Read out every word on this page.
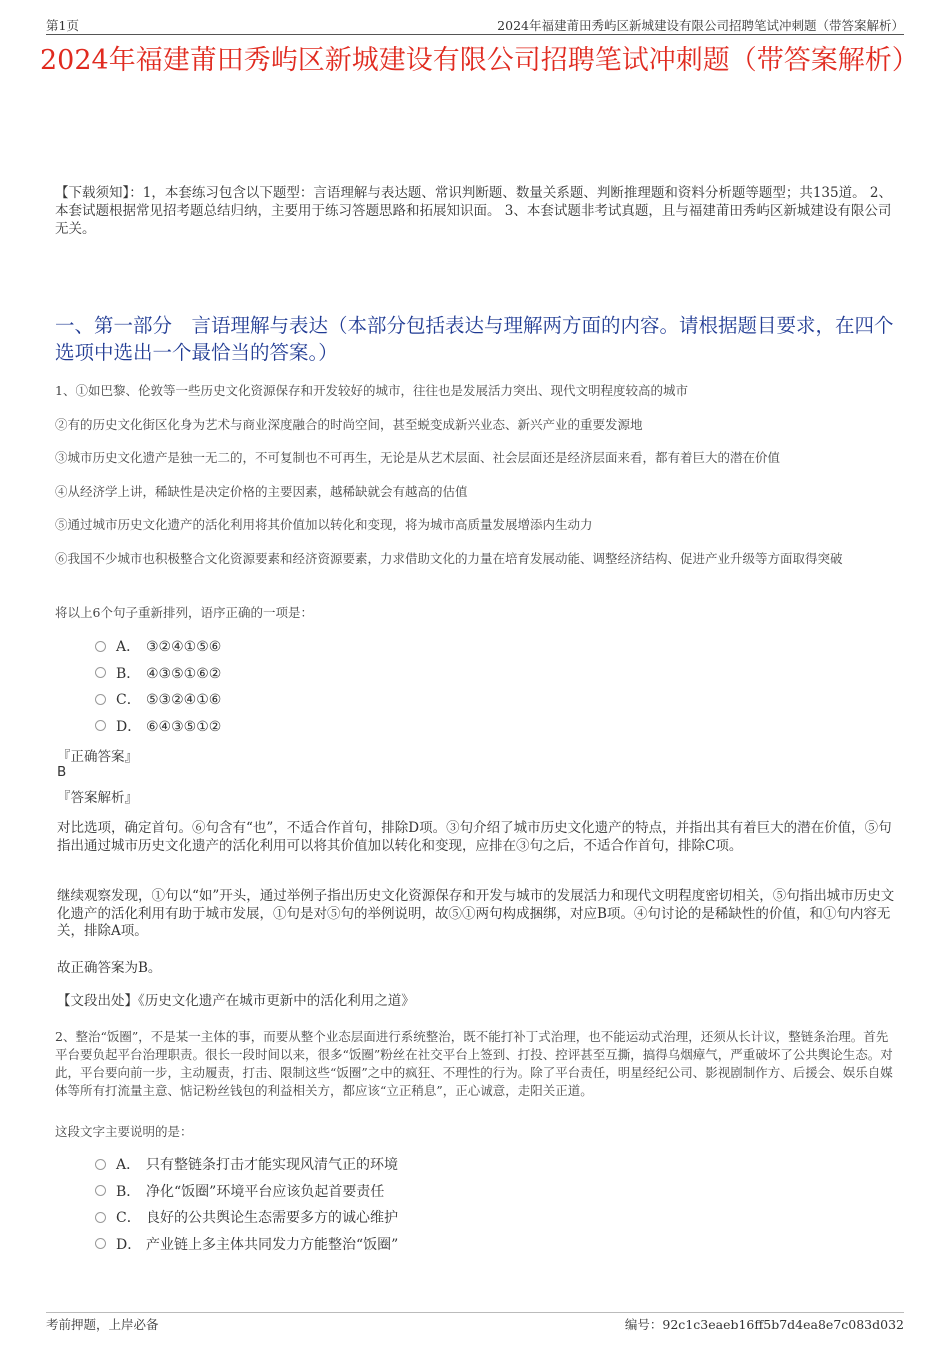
第1页	2024年福建莆田秀屿区新城建设有限公司招聘笔试冲刺题（带答案解析）
2024年福建莆田秀屿区新城建设有限公司招聘笔试冲刺题（带答案解析）
【下载须知】：1，本套练习包含以下题型：言语理解与表达题、常识判断题、数量关系题、判断推理题和资料分析题等题型；共135道。 2、本套试题根据常见招考题总结归纳，主要用于练习答题思路和拓展知识面。 3、本套试题非考试真题，且与福建莆田秀屿区新城建设有限公司无关。
一、第一部分　言语理解与表达（本部分包括表达与理解两方面的内容。请根据题目要求，在四个选项中选出一个最恰当的答案。）
1、①如巴黎、伦敦等一些历史文化资源保存和开发较好的城市，往往也是发展活力突出、现代文明程度较高的城市
②有的历史文化街区化身为艺术与商业深度融合的时尚空间，甚至蜕变成新兴业态、新兴产业的重要发源地
③城市历史文化遗产是独一无二的，不可复制也不可再生，无论是从艺术层面、社会层面还是经济层面来看，都有着巨大的潜在价值
④从经济学上讲，稀缺性是决定价格的主要因素，越稀缺就会有越高的估值
⑤通过城市历史文化遗产的活化利用将其价值加以转化和变现，将为城市高质量发展增添内生动力
⑥我国不少城市也积极整合文化资源要素和经济资源要素，力求借助文化的力量在培育发展动能、调整经济结构、促进产业升级等方面取得突破
将以上6个句子重新排列，语序正确的一项是：
A． ③②④①⑤⑥
B． ④③⑤①⑥②
C． ⑤③②④①⑥
D． ⑥④③⑤①②
『正确答案』
B
『答案解析』
对比选项，确定首句。⑥句含有“也”，不适合作首句，排除D项。③句介绍了城市历史文化遗产的特点，并指出其有着巨大的潜在价值，⑤句指出通过城市历史文化遗产的活化利用可以将其价值加以转化和变现，应排在③句之后，不适合作首句，排除C项。
继续观察发现，①句以“如”开头，通过举例子指出历史文化资源保存和开发与城市的发展活力和现代文明程度密切相关，⑤句指出城市历史文化遗产的活化利用有助于城市发展，①句是对⑤句的举例说明，故⑤①两句构成捆绑，对应B项。④句讨论的是稀缺性的价值，和①句内容无关，排除A项。
故正确答案为B。
【文段出处】《历史文化遗产在城市更新中的活化利用之道》
2、整治“饭圈”，不是某一主体的事，而要从整个业态层面进行系统整治，既不能打补丁式治理，也不能运动式治理，还须从长计议，整链条治理。首先平台要负起平台治理职责。很长一段时间以来，很多“饭圈”粉丝在社交平台上签到、打投、控评甚至互撕，搞得乌烟瘴气，严重破坏了公共舆论生态。对此，平台要向前一步，主动履责，打击、限制这些“饭圈”之中的疯狂、不理性的行为。除了平台责任，明星经纪公司、影视剧制作方、后援会、娱乐自媒体等所有打流量主意、惦记粉丝钱包的利益相关方，都应该“立正稍息”，正心诚意，走阳关正道。
这段文字主要说明的是：
A． 只有整链条打击才能实现风清气正的环境
B． 净化“饭圈”环境平台应该负起首要责任
C． 良好的公共舆论生态需要多方的诚心维护
D． 产业链上多主体共同发力方能整治“饭圈”
考前押题，上岸必备	编号：92c1c3eaeb16ff5b7d4ea8e7c083d032
